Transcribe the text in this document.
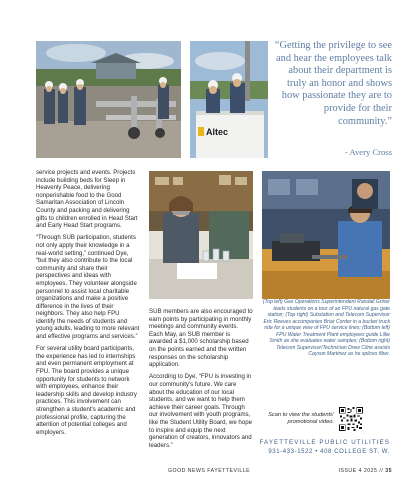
Altec
“Getting the privilege to see and hear the employees talk about their department is truly an honor and shows how passionate they are to provide for their community.”
- Avery Cross

service projects and events. Projects include building beds for Sleep in Heavenly Peace, delivering nonperishable food to the Good Samaritan Association of Lincoln County and packing and delivering gifts to children enrolled in Head Start and Early Head Start programs.

“Through SUB participation, students not only apply their knowledge in a real-world setting,” continued Dye, “but they also contribute to the local community and share their perspectives and ideas with employees. They volunteer alongside personnel to assist local charitable organizations and make a positive difference in the lives of their neighbors. They also help FPU identify the needs of students and young adults, leading to more relevant and effective programs and services.”

For several utility board participants, the experience has led to internships and even permanent employment at FPU. The board provides a unique opportunity for students to network with employees, enhance their leadership skills and develop industry practices. This involvement can strengthen a student's academic and professional profile, capturing the attention of potential colleges and employers.

SUB members are also encouraged to earn points by participating in monthly meetings and community events. Each May, an SUB member is awarded a $1,000 scholarship based on the points earned and the written responses on the scholarship application.

According to Dye, “FPU is investing in our community's future. We care about the education of our local students, and we want to help them achieve their career goals. Through our involvement with youth programs, like the Student Utility Board, we hope to inspire and equip the next generation of creators, innovators and leaders.”

(Top left) Gas Operations Superintendent Randall Griner leads students on a tour of an FPU natural gas gate station; (Top right) Substation and Telecom Supervisor Eric Reeves accompanies Briar Corder in a bucket truck ride for a unique view of FPU service lines; (Bottom left) FPU Water Treatment Plant employees guide Lillie Smith as she evaluates water samples; (Bottom right) Telecom Supervisor/Technician Drew Cline assists Cayson Martinez as he splices fiber.
Scan to view the students' promotional video.
FAYETTEVILLE PUBLIC UTILITIES
931-433-1522 • 408 COLLEGE ST. W.
GOOD NEWS FAYETTEVILLE	ISSUE 4 2025 // 35
